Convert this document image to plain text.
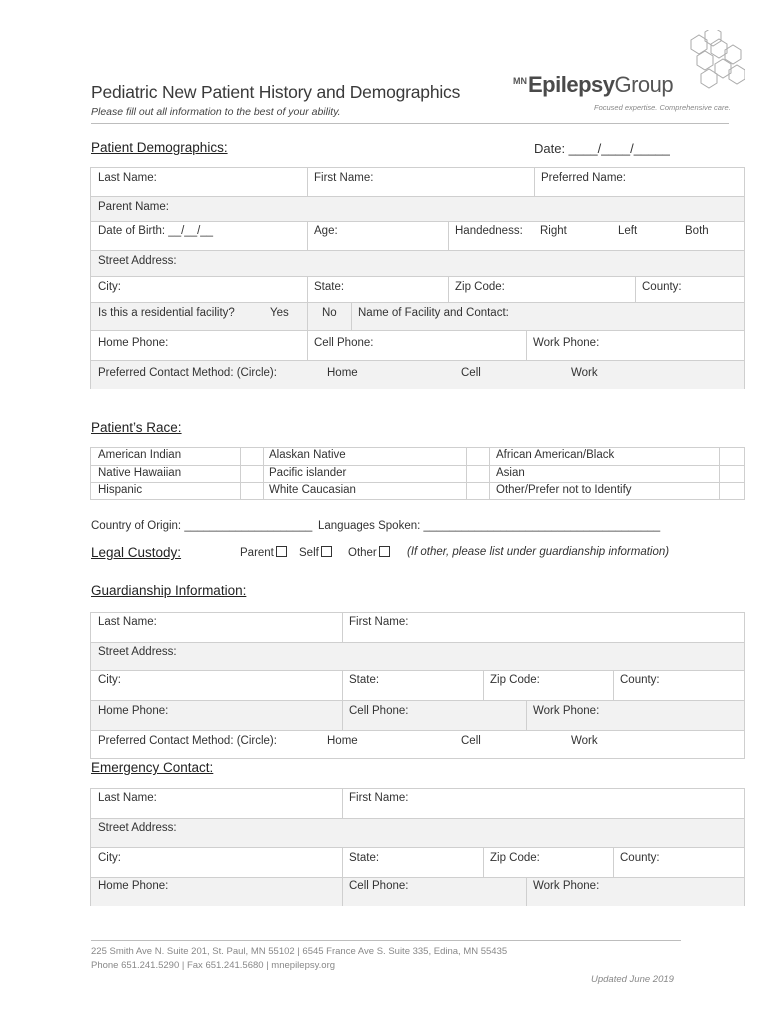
Pediatric New Patient History and Demographics
Please fill out all information to the best of your ability.
MN EpilepsyGroup
Focused expertise. Comprehensive care.
Patient Demographics:	Date: ____/____/_____
Last Name:	First Name:	Preferred Name:
Parent Name:
Date of Birth: __/__/__	Age:	Handedness: Right	Left	Both
Street Address:
City:	State:	Zip Code:	County:
Is this a residential facility?	Yes	No Name of Facility and Contact:
Home Phone:	Cell Phone:	Work Phone:
Preferred Contact Method: (Circle):	Home	Cell	Work
Patient’s Race:
American Indian	Alaskan Native	African American/Black
Native Hawaiian	Pacific islander	Asian
Hispanic	White Caucasian	Other/Prefer not to Identify
Country of Origin: ____________________ Languages Spoken: _____________________________________
Legal Custody:	Parent	Self	Other	(If other, please list under guardianship information)
Guardianship Information:
Last Name:	First Name:
Street Address:
City:	State:	Zip Code:	County:
Home Phone:	Cell Phone:	Work Phone:
Preferred Contact Method: (Circle):	Home	Cell	Work
Emergency Contact:
Last Name:	First Name:
Street Address:
City:	State:	Zip Code:	County:
Home Phone:	Cell Phone:	Work Phone:
225 Smith Ave N. Suite 201, St. Paul, MN 55102 | 6545 France Ave S. Suite 335, Edina, MN 55435
Phone 651.241.5290 | Fax 651.241.5680 | mnepilepsy.org
Updated June 2019
